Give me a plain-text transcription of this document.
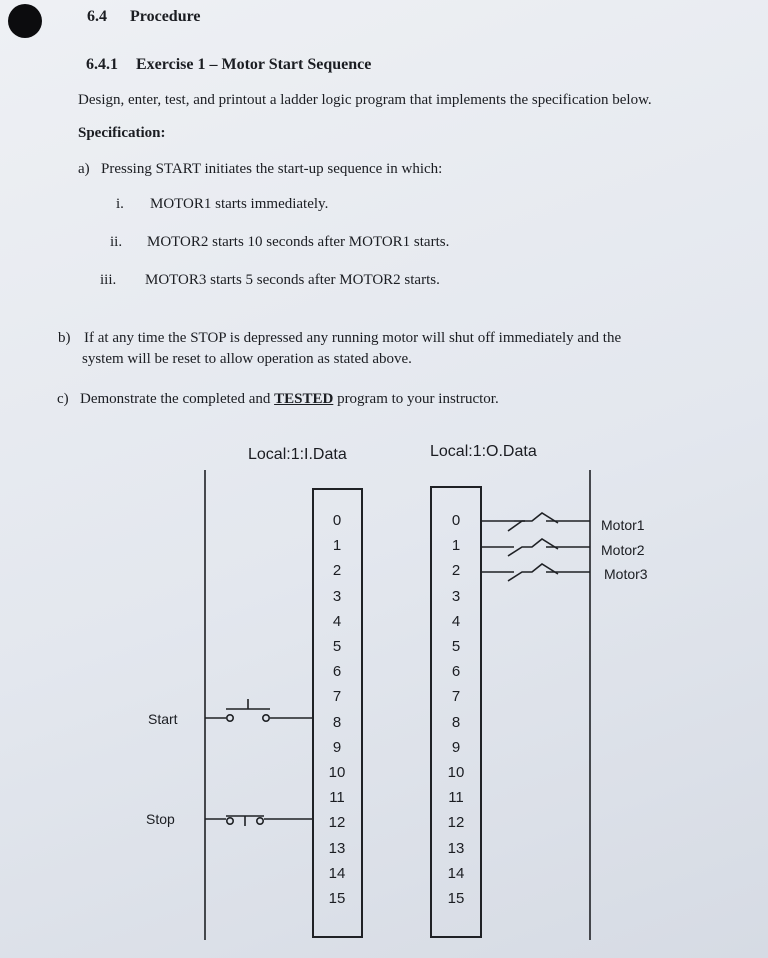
6.4 Procedure
6.4.1 Exercise 1 – Motor Start Sequence
Design, enter, test, and printout a ladder logic program that implements the specification below.
Specification:
a) Pressing START initiates the start-up sequence in which:
i. MOTOR1 starts immediately.
ii. MOTOR2 starts 10 seconds after MOTOR1 starts.
iii. MOTOR3 starts 5 seconds after MOTOR2 starts.
b) If at any time the STOP is depressed any running motor will shut off immediately and the
system will be reset to allow operation as stated above.
c) Demonstrate the completed and TESTED program to your instructor.
Local:1:I.Data	Local:1:O.Data
0
1
2
3
4
5
6
7
8
9
10
11
12
13
14
15
0
1
2
3
4
5
6
7
8
9
10
11
12
13
14
15
Start
Stop
Motor1
Motor2
Motor3
